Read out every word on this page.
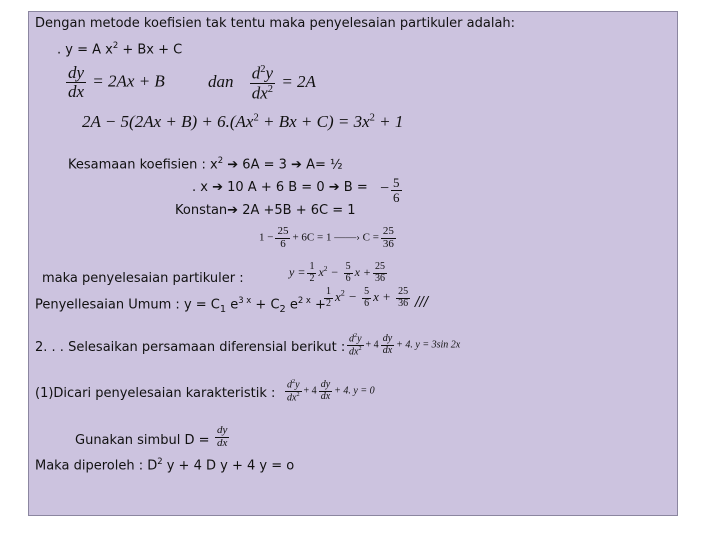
Dengan metode koefisien tak tentu maka penyelesaian partikuler adalah:
. y = A $x^2 + Bx + C$
$\frac{dy}{dx} = 2Ax + B$	dan $\frac{d^2y}{dx^2} = 2A$
$2A - 5(2Ax + B) + 6.(Ax^2 + Bx + C) = 3x^2 + 1$
Kesamaan koefisien : $x^2$ ➔ 6A = 3 ➔ A= ½
. x ➔ 10 A + 6 B = 0 ➔ B = − $\frac{5}{6}$
Konstan➔ 2A +5B + 6C = 1
$1 - \frac{25}{6} + 6C = 1$ ——› $C = \frac{25}{36}$
maka penyelesaian partikuler :	$y = \frac{1}{2} x^2 - \frac{5}{6}$ $x + \frac{25}{36}$
Penyellesaian Umum : $y = C_1$ $e^{3 x} + C_2$ $e^{2 x}$ +
$\frac{1}{2} x^2 - \frac{5}{6}$ $x + \frac{25}{36}$ ///
2. . . Selesaikan persamaan diferensial berikut : $\frac{d^2y}{dx^2} + 4 \frac{dy}{dx} + 4$. y = 3sin 2x
(1)Dicari penyelesaian karakteristik : $\frac{d^2y}{dx^2} + 4 \frac{dy}{dx} + 4$. y = 0
Gunakan simbul $D = \frac{dy}{dx}$
Maka diperoleh : $D^2$ y + 4 D y + 4 y = o
